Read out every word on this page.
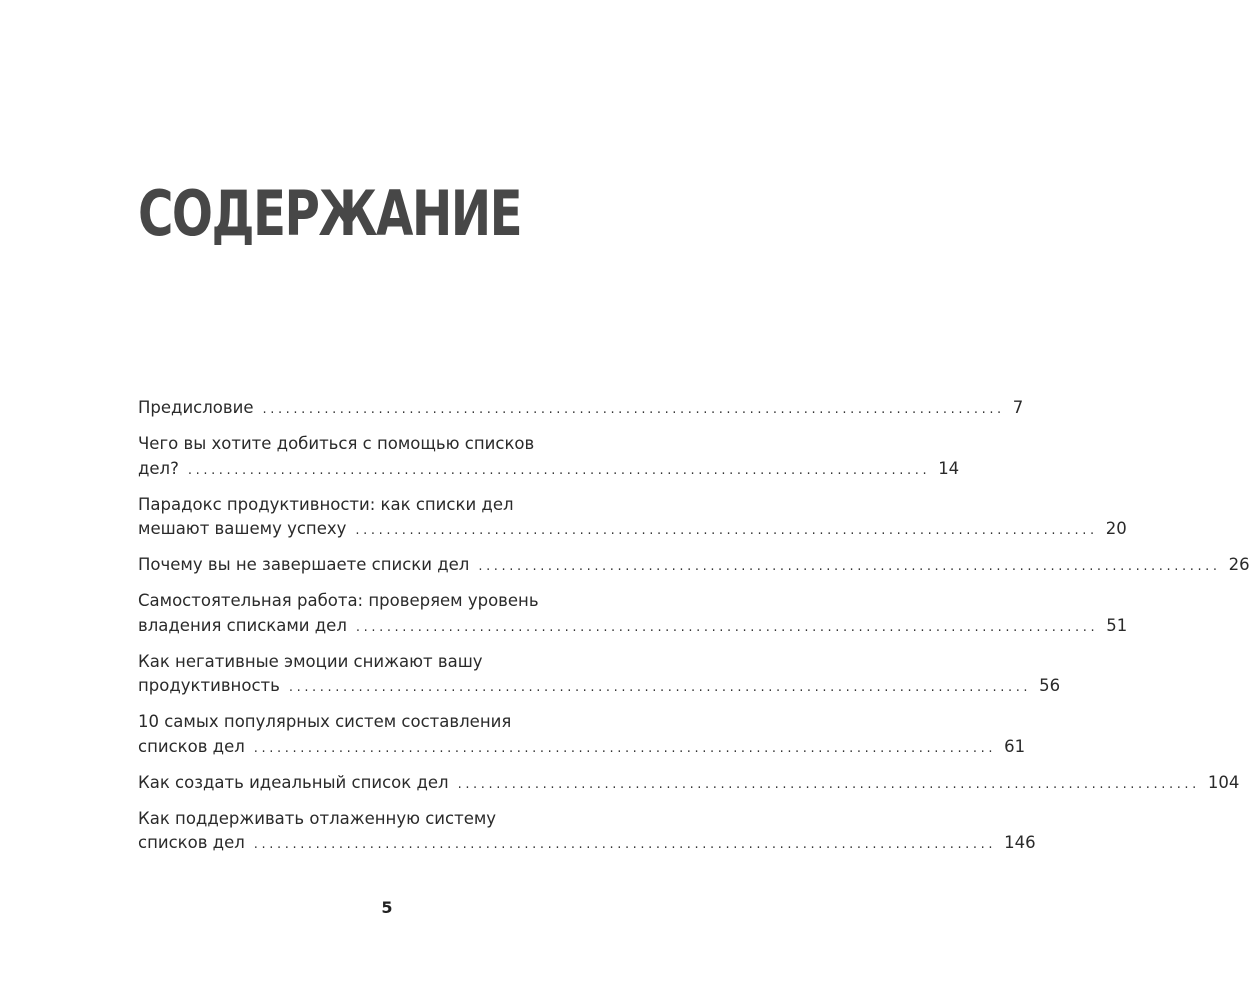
СОДЕРЖАНИЕ
Предисловие ................................................................................................ 7
Чего вы хотите добиться с помощью списков
дел? ................................................................................................ 14
Парадокс продуктивности: как списки дел
мешают вашему успеху ................................................................................................ 20
Почему вы не завершаете списки дел ................................................................................................ 26
Самостоятельная работа: проверяем уровень
владения списками дел ................................................................................................ 51
Как негативные эмоции снижают вашу
продуктивность ................................................................................................ 56
10 самых популярных систем составления
списков дел ................................................................................................ 61
Как создать идеальный список дел ................................................................................................ 104
Как поддерживать отлаженную систему
списков дел ................................................................................................ 146
5
